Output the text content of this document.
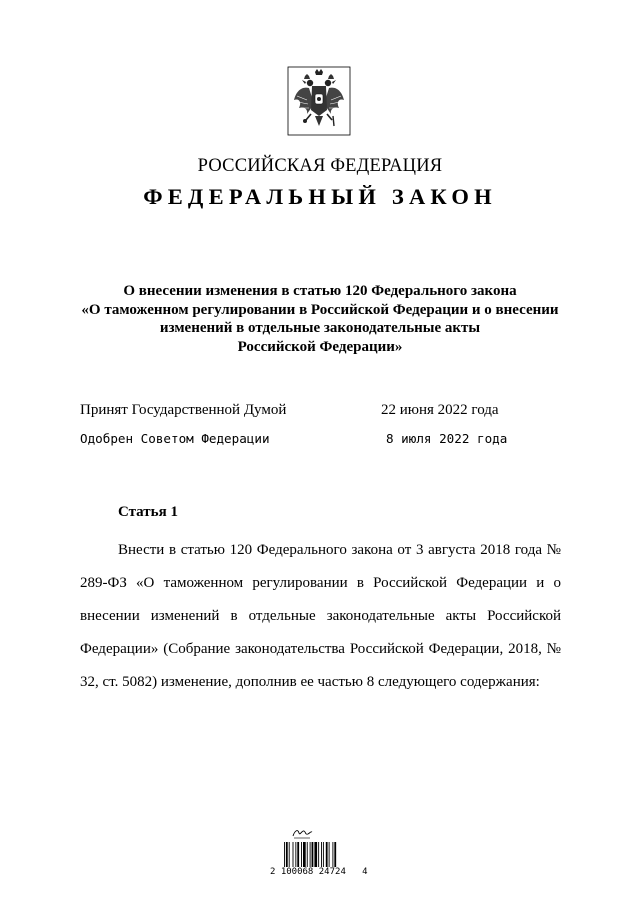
РОССИЙСКАЯ ФЕДЕРАЦИЯ
ФЕДЕРАЛЬНЫЙ ЗАКОН
О внесении изменения в статью 120 Федерального закона
«О таможенном регулировании в Российской Федерации и о внесении
изменений в отдельные законодательные акты
Российской Федерации»
Принят Государственной Думой	22 июня 2022 года
Одобрен Советом Федерации	8 июля 2022 года
Статья 1
Внести в статью 120 Федерального закона от 3 августа 2018 года № 289-ФЗ «О таможенном регулировании в Российской Федерации и о внесении изменений в отдельные законодательные акты Российской Федерации» (Собрание законодательства Российской Федерации, 2018, № 32, ст. 5082) изменение, дополнив ее частью 8 следующего содержания:
2 100068 24724   4
